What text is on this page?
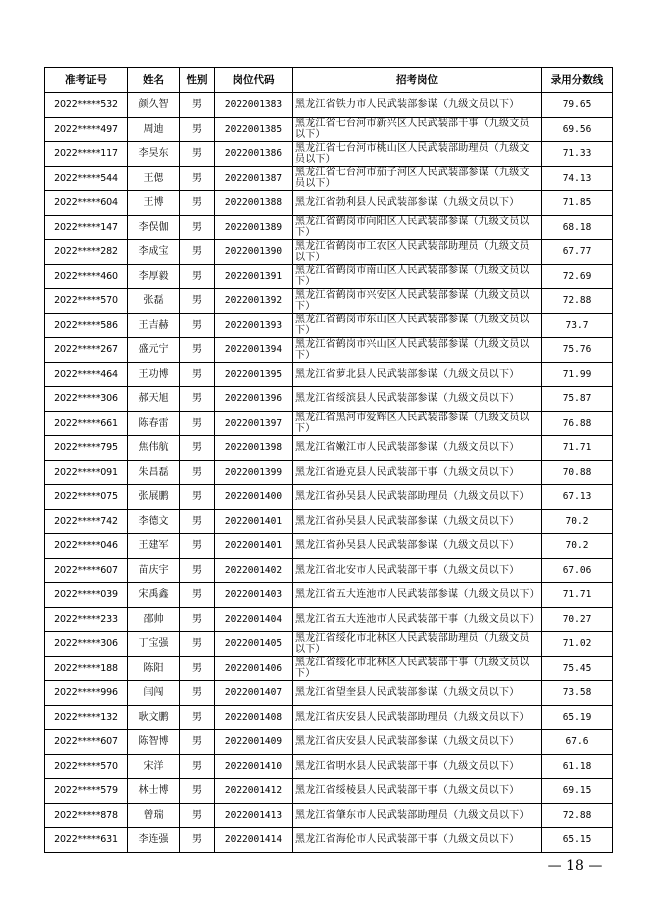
准考证号	姓名	性别	岗位代码	招考岗位	录用分数线
2022*****532	颜久智	男	2022001383	黑龙江省铁力市人民武装部参谋（九级文员以下）	79.65
2022*****497	周迪	男	2022001385	黑龙江省七台河市新兴区人民武装部干事（九级文员以下）	69.56
2022*****117	李昊东	男	2022001386	黑龙江省七台河市桃山区人民武装部助理员（九级文员以下）	71.33
2022*****544	王偲	男	2022001387	黑龙江省七台河市茄子河区人民武装部参谋（九级文员以下）	74.13
2022*****604	王博	男	2022001388	黑龙江省勃利县人民武装部参谋（九级文员以下）	71.85
2022*****147	李俣伽	男	2022001389	黑龙江省鹤岗市向阳区人民武装部参谋（九级文员以下）	68.18
2022*****282	李成宝	男	2022001390	黑龙江省鹤岗市工农区人民武装部助理员（九级文员以下）	67.77
2022*****460	李厚毅	男	2022001391	黑龙江省鹤岗市南山区人民武装部参谋（九级文员以下）	72.69
2022*****570	张磊	男	2022001392	黑龙江省鹤岗市兴安区人民武装部参谋（九级文员以下）	72.88
2022*****586	王吉赫	男	2022001393	黑龙江省鹤岗市东山区人民武装部参谋（九级文员以下）	73.7
2022*****267	盛元宁	男	2022001394	黑龙江省鹤岗市兴山区人民武装部参谋（九级文员以下）	75.76
2022*****464	王功博	男	2022001395	黑龙江省萝北县人民武装部参谋（九级文员以下）	71.99
2022*****306	郝天旭	男	2022001396	黑龙江省绥滨县人民武装部参谋（九级文员以下）	75.87
2022*****661	陈春雷	男	2022001397	黑龙江省黑河市爱辉区人民武装部参谋（九级文员以下）	76.88
2022*****795	焦伟航	男	2022001398	黑龙江省嫩江市人民武装部参谋（九级文员以下）	71.71
2022*****091	朱昌磊	男	2022001399	黑龙江省逊克县人民武装部干事（九级文员以下）	70.88
2022*****075	张展鹏	男	2022001400	黑龙江省孙吴县人民武装部助理员（九级文员以下）	67.13
2022*****742	李德文	男	2022001401	黑龙江省孙吴县人民武装部参谋（九级文员以下）	70.2
2022*****046	王建军	男	2022001401	黑龙江省孙吴县人民武装部参谋（九级文员以下）	70.2
2022*****607	苗庆宇	男	2022001402	黑龙江省北安市人民武装部干事（九级文员以下）	67.06
2022*****039	宋禹鑫	男	2022001403	黑龙江省五大连池市人民武装部参谋（九级文员以下）	71.71
2022*****233	邵帅	男	2022001404	黑龙江省五大连池市人民武装部干事（九级文员以下）	70.27
2022*****306	丁宝强	男	2022001405	黑龙江省绥化市北林区人民武装部助理员（九级文员以下）	71.02
2022*****188	陈阳	男	2022001406	黑龙江省绥化市北林区人民武装部干事（九级文员以下）	75.45
2022*****996	闫闯	男	2022001407	黑龙江省望奎县人民武装部参谋（九级文员以下）	73.58
2022*****132	耿文鹏	男	2022001408	黑龙江省庆安县人民武装部助理员（九级文员以下）	65.19
2022*****607	陈智博	男	2022001409	黑龙江省庆安县人民武装部参谋（九级文员以下）	67.6
2022*****570	宋洋	男	2022001410	黑龙江省明水县人民武装部干事（九级文员以下）	61.18
2022*****579	林士博	男	2022001412	黑龙江省绥棱县人民武装部干事（九级文员以下）	69.15
2022*****878	曾瑞	男	2022001413	黑龙江省肇东市人民武装部助理员（九级文员以下）	72.88
2022*****631	李连强	男	2022001414	黑龙江省海伦市人民武装部干事（九级文员以下）	65.15
— 18 —
